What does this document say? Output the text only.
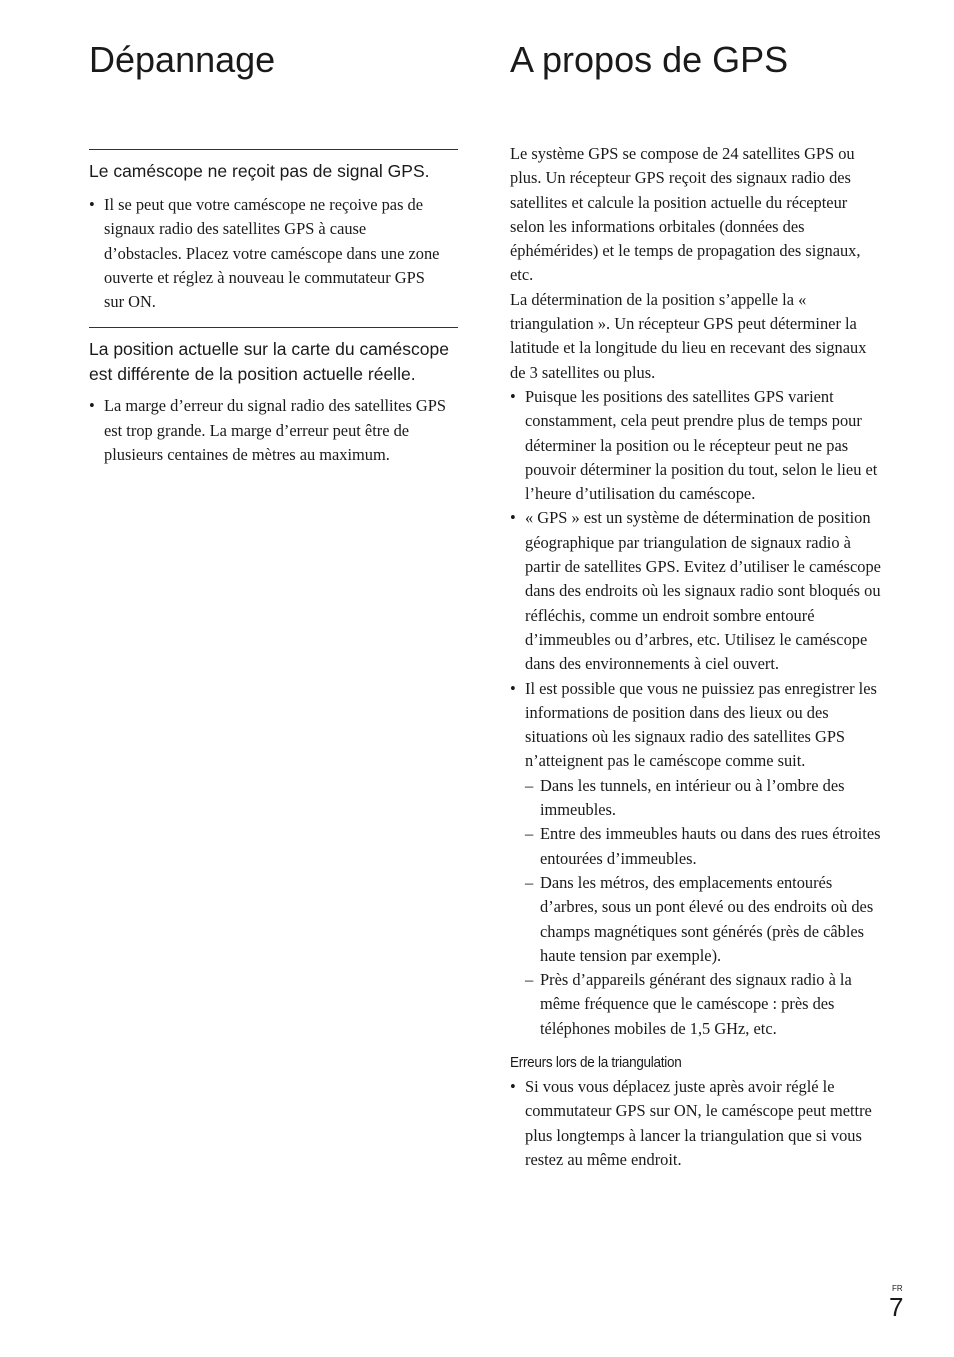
Dépannage	A propos de GPS

Le caméscope ne reçoit pas de signal GPS.

• Il se peut que votre caméscope ne reçoive pas de signaux radio des satellites GPS à cause d’obstacles. Placez votre caméscope dans une zone ouverte et réglez à nouveau le commutateur GPS sur ON.

La position actuelle sur la carte du caméscope est différente de la position actuelle réelle.

• La marge d’erreur du signal radio des satellites GPS est trop grande. La marge d’erreur peut être de plusieurs centaines de mètres au maximum.

Le système GPS se compose de 24 satellites GPS ou plus. Un récepteur GPS reçoit des signaux radio des satellites et calcule la position actuelle du récepteur selon les informations orbitales (données des éphémérides) et le temps de propagation des signaux, etc.

La détermination de la position s’appelle la « triangulation ». Un récepteur GPS peut déterminer la latitude et la longitude du lieu en recevant des signaux de 3 satellites ou plus.

• Puisque les positions des satellites GPS varient constamment, cela peut prendre plus de temps pour déterminer la position ou le récepteur peut ne pas pouvoir déterminer la position du tout, selon le lieu et l’heure d’utilisation du caméscope.
• « GPS » est un système de détermination de position géographique par triangulation de signaux radio à partir de satellites GPS. Evitez d’utiliser le caméscope dans des endroits où les signaux radio sont bloqués ou réfléchis, comme un endroit sombre entouré d’immeubles ou d’arbres, etc. Utilisez le caméscope dans des environnements à ciel ouvert.
• Il est possible que vous ne puissiez pas enregistrer les informations de position dans des lieux ou des situations où les signaux radio des satellites GPS n’atteignent pas le caméscope comme suit.
– Dans les tunnels, en intérieur ou à l’ombre des immeubles.
– Entre des immeubles hauts ou dans des rues étroites entourées d’immeubles.
– Dans les métros, des emplacements entourés d’arbres, sous un pont élevé ou des endroits où des champs magnétiques sont générés (près de câbles haute tension par exemple).
– Près d’appareils générant des signaux radio à la même fréquence que le caméscope : près des téléphones mobiles de 1,5 GHz, etc.

Erreurs lors de la triangulation

• Si vous vous déplacez juste après avoir réglé le commutateur GPS sur ON, le caméscope peut mettre plus longtemps à lancer la triangulation que si vous restez au même endroit.
FR
7
